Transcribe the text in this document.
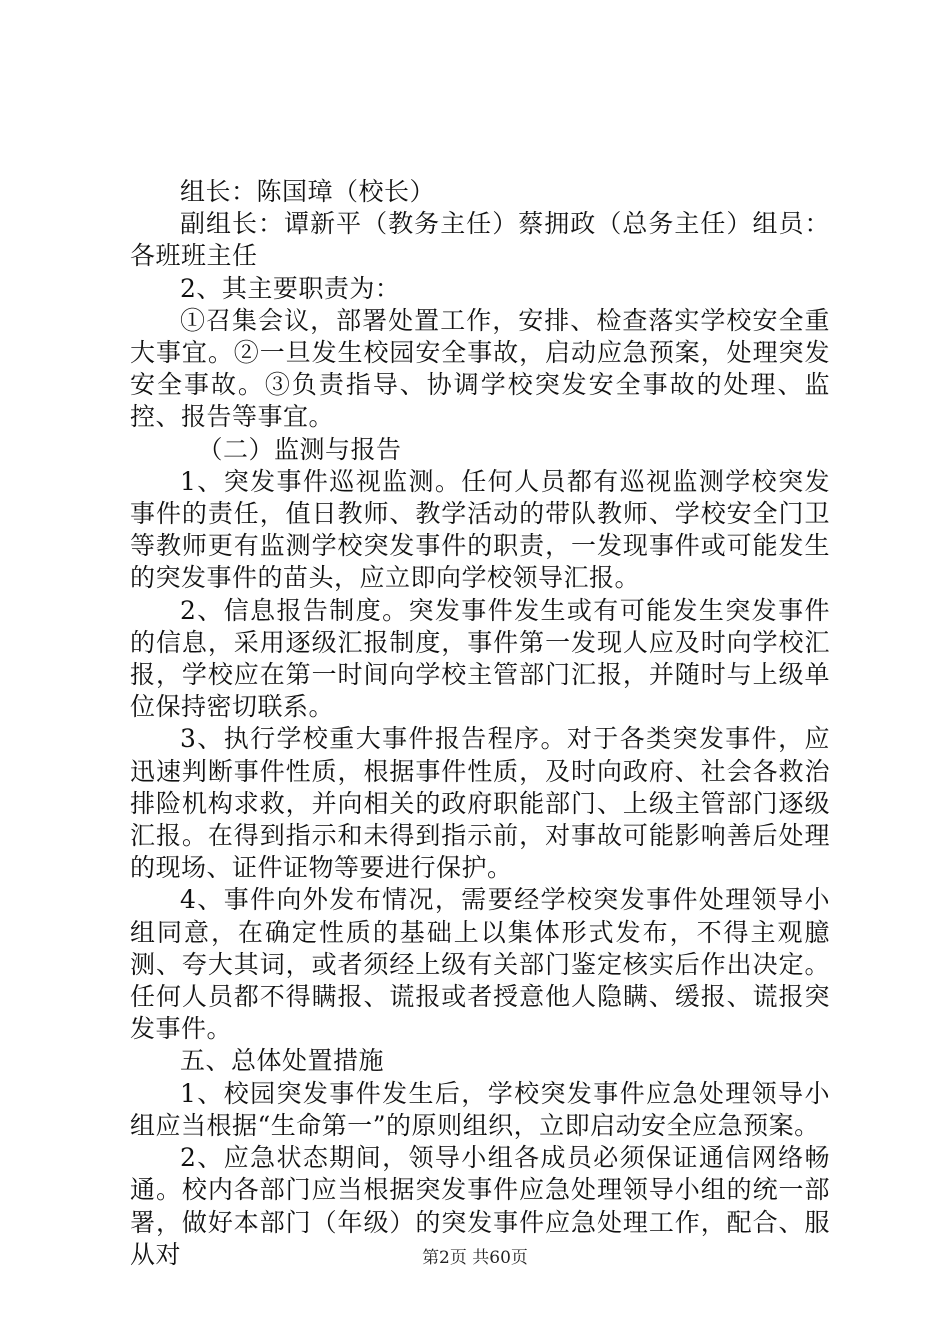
组长：陈国璋（校长）

副组长：谭新平（教务主任）蔡拥政（总务主任）组员：各班班主任

2、其主要职责为：

①召集会议，部署处置工作，安排、检查落实学校安全重大事宜。②一旦发生校园安全事故，启动应急预案，处理突发安全事故。③负责指导、协调学校突发安全事故的处理、监控、报告等事宜。

（二）监测与报告

1、突发事件巡视监测。任何人员都有巡视监测学校突发事件的责任，值日教师、教学活动的带队教师、学校安全门卫等教师更有监测学校突发事件的职责，一发现事件或可能发生的突发事件的苗头，应立即向学校领导汇报。

2、信息报告制度。突发事件发生或有可能发生突发事件的信息，采用逐级汇报制度，事件第一发现人应及时向学校汇报，学校应在第一时间向学校主管部门汇报，并随时与上级单位保持密切联系。

3、执行学校重大事件报告程序。对于各类突发事件，应迅速判断事件性质，根据事件性质，及时向政府、社会各救治排险机构求救，并向相关的政府职能部门、上级主管部门逐级汇报。在得到指示和未得到指示前，对事故可能影响善后处理的现场、证件证物等要进行保护。

4、事件向外发布情况，需要经学校突发事件处理领导小组同意，在确定性质的基础上以集体形式发布，不得主观臆测、夸大其词，或者须经上级有关部门鉴定核实后作出决定。任何人员都不得瞒报、谎报或者授意他人隐瞒、缓报、谎报突发事件。

五、总体处置措施

1、校园突发事件发生后，学校突发事件应急处理领导小组应当根据“生命第一”的原则组织，立即启动安全应急预案。

2、应急状态期间，领导小组各成员必须保证通信网络畅通。校内各部门应当根据突发事件应急处理领导小组的统一部署，做好本部门（年级）的突发事件应急处理工作，配合、服从对	第2页 共60页
